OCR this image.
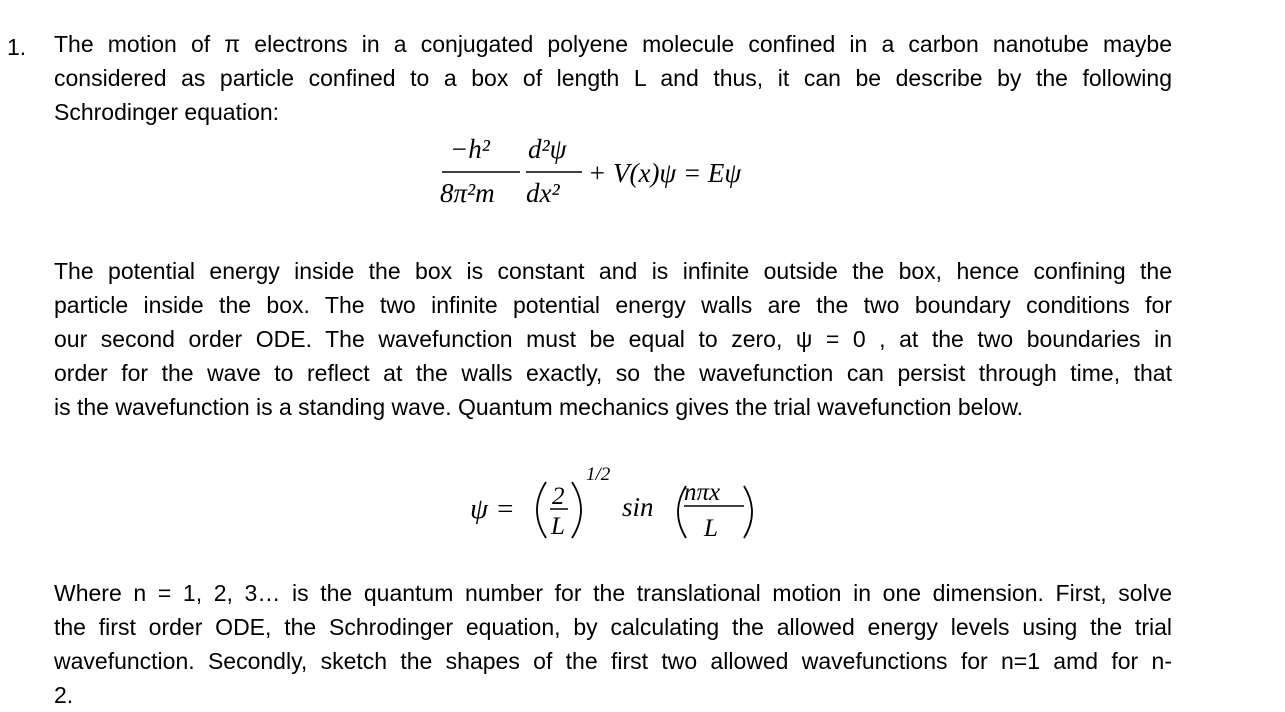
1. The motion of π electrons in a conjugated polyene molecule confined in a carbon nanotube maybe
considered as particle confined to a box of length L and thus, it can be describe by the following
Schrodinger equation:
−h² d²ψ
8π²m dx²
+ V(x)ψ = Eψ
The potential energy inside the box is constant and is infinite outside the box, hence confining the
particle inside the box. The two infinite potential energy walls are the two boundary conditions for
our second order ODE. The wavefunction must be equal to zero, ψ = 0 , at the two boundaries in
order for the wave to reflect at the walls exactly, so the wavefunction can persist through time, that
is the wavefunction is a standing wave. Quantum mechanics gives the trial wavefunction below.
ψ = 2
L
1/2
sin nπx
L
Where n = 1, 2, 3… is the quantum number for the translational motion in one dimension. First, solve
the first order ODE, the Schrodinger equation, by calculating the allowed energy levels using the trial
wavefunction. Secondly, sketch the shapes of the first two allowed wavefunctions for n=1 amd for n-
2.
